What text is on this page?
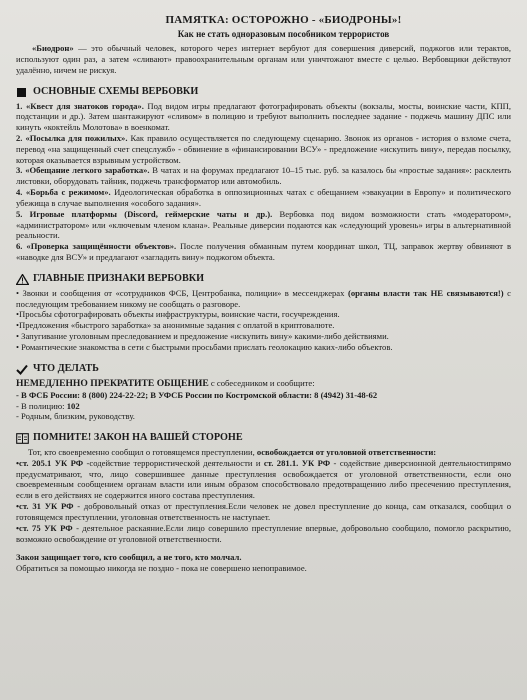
ПАМЯТКА: ОСТОРОЖНО - «БИОДРОНЫ»!

Как не стать одноразовым пособником террористов

«Биодрон» — это обычный человек, которого через интернет вербуют для совершения диверсий, поджогов или терактов, используют один раз, а затем «сливают» правоохранительным органам или уничтожают вместе с целью. Вербовщики действуют удалённо, ничем не рискуя.

ОСНОВНЫЕ СХЕМЫ ВЕРБОВКИ

1. «Квест для знатоков города». Под видом игры предлагают фотографировать объекты (вокзалы, мосты, воинские части, КПП, подстанции и др.). Затем шантажируют «сливом» в полицию и требуют выполнить последнее задание - поджечь машину ДПС или кинуть «коктейль Молотова» в военкомат.

2. «Посылка для пожилых». Как правило осуществляется по следующему сценарию. Звонок из органов - история о взломе счета, перевод «на защищенный счет спецслужб» - обвинение в «финансировании ВСУ» - предложение «искупить вину», передав посылку, которая оказывается взрывным устройством.

3. «Обещание легкого заработка». В чатах и на форумах предлагают 10–15 тыс. руб. за казалось бы «простые задания»: расклеить листовки, оборудовать тайник, поджечь трансформатор или автомобиль.

4. «Борьба с режимом». Идеологическая обработка в оппозиционных чатах с обещанием «эвакуации в Европу» и политического убежища в случае выполнения «особого задания».

5. Игровые платформы (Discord, геймерские чаты и др.). Вербовка под видом возможности стать «модератором», «администратором» или «ключевым членом клана». Реальные диверсии подаются как «следующий уровень» игры в альтернативной реальности.

6. «Проверка защищённости объектов». После получения обманным путем координат школ, ТЦ, заправок жертву обвиняют в «наводке для ВСУ» и предлагают «загладить вину» поджогом объекта.

ГЛАВНЫЕ ПРИЗНАКИ ВЕРБОВКИ

• Звонки и сообщения от «сотрудников ФСБ, Центробанка, полиции» в мессенджерах (органы власти так НЕ связываются!) с последующим требованием никому не сообщать о разговоре.

•Просьбы сфотографировать объекты инфраструктуры, воинские части, госучреждения.

•Предложения «быстрого заработка» за анонимные задания с оплатой в криптовалюте.

• Запугивание уголовным преследованием и предложение «искупить вину» какими-либо действиями.

• Романтические знакомства в сети с быстрыми просьбами прислать геолокацию каких-либо объектов.

ЧТО ДЕЛАТЬ

НЕМЕДЛЕННО ПРЕКРАТИТЕ ОБЩЕНИЕ с собеседником и сообщите:

- В ФСБ России: 8 (800) 224-22-22; В УФСБ России по Костромской области: 8 (4942) 31-48-62

- В полицию: 102

- Родным, близким, руководству.

ПОМНИТЕ! ЗАКОН НА ВАШЕЙ СТОРОНЕ

Тот, кто своевременно сообщил о готовящемся преступлении, освобождается от уголовной ответственности:

•ст. 205.1 УК РФ -содействие террористической деятельности и ст. 281.1. УК РФ - содействие диверсионной деятельностипрямо предусматривают, что, лицо совершившее данные преступления освобождается от уголовной ответственности, если оно своевременным сообщением органам власти или иным образом способствовало предотвращению либо пресечению преступления, если в его действиях не содержится иного состава преступления.

•ст. 31 УК РФ - добровольный отказ от преступления.Если человек не довел преступление до конца, сам отказался, сообщил о готовящемся преступлении, уголовная ответственность не наступает.

•ст. 75 УК РФ - деятельное раскаяние.Если лицо совершило преступление впервые, добровольно сообщило, помогло раскрытию, возможно освобождение от уголовной ответственности.

Закон защищает того, кто сообщил, а не того, кто молчал.

Обратиться за помощью никогда не поздно - пока не совершено непоправимое.
